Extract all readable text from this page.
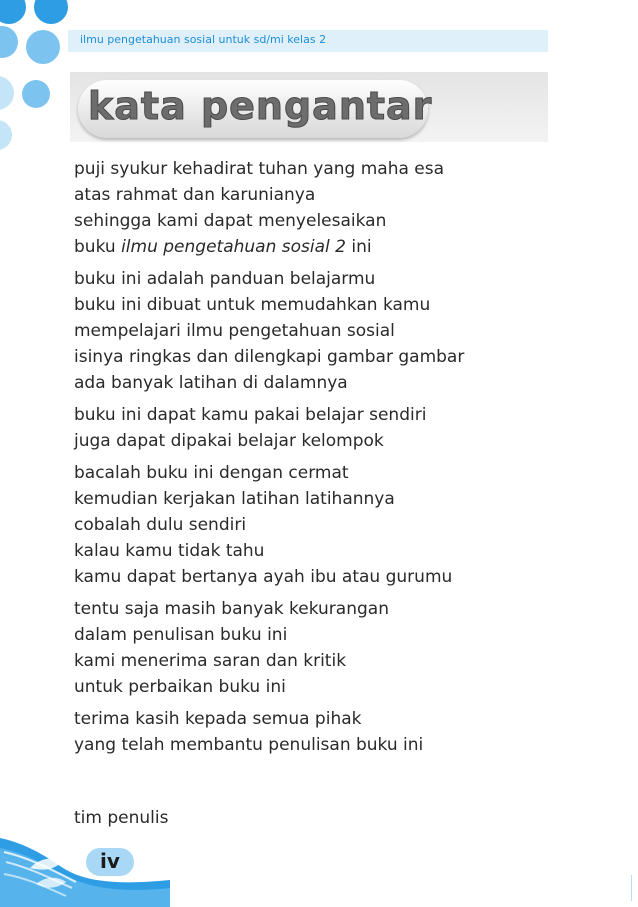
ilmu pengetahuan sosial untuk sd/mi kelas 2
kata pengantar
puji syukur kehadirat tuhan yang maha esa
atas rahmat dan karunianya
sehingga kami dapat menyelesaikan
buku ilmu pengetahuan sosial 2 ini
buku ini adalah panduan belajarmu
buku ini dibuat untuk memudahkan kamu
mempelajari ilmu pengetahuan sosial
isinya ringkas dan dilengkapi gambar gambar
ada banyak latihan di dalamnya
buku ini dapat kamu pakai belajar sendiri
juga dapat dipakai belajar kelompok
bacalah buku ini dengan cermat
kemudian kerjakan latihan latihannya
cobalah dulu sendiri
kalau kamu tidak tahu
kamu dapat bertanya ayah ibu atau gurumu
tentu saja masih banyak kekurangan
dalam penulisan buku ini
kami menerima saran dan kritik
untuk perbaikan buku ini
terima kasih kepada semua pihak
yang telah membantu penulisan buku ini
tim penulis
iv
